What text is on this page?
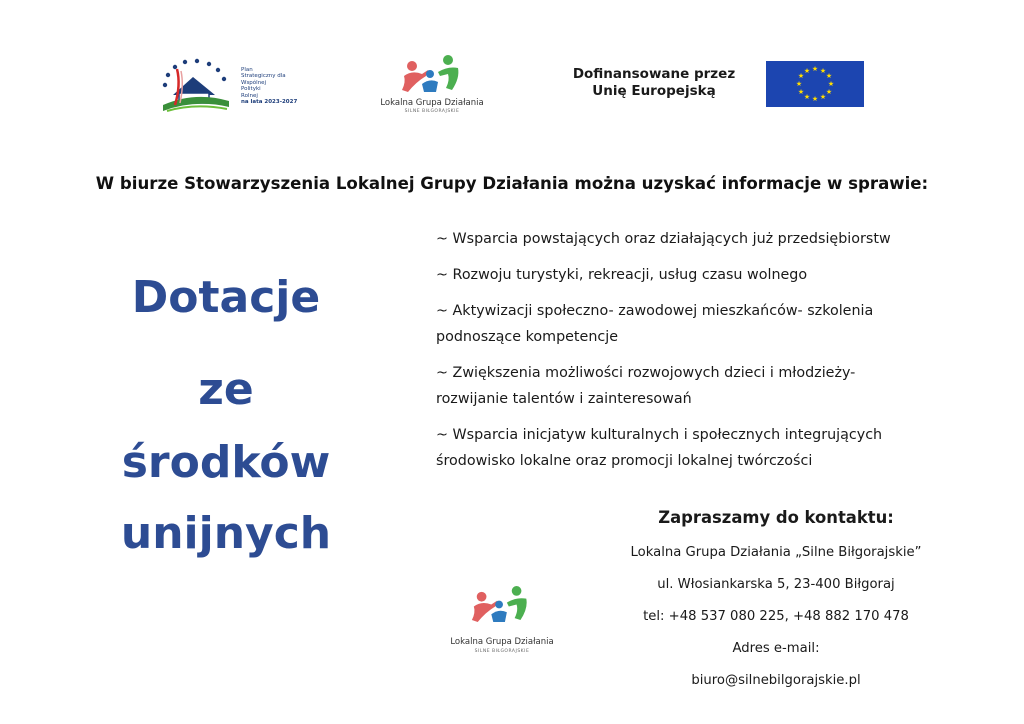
Plan
Strategiczny dla
Wspólnej
Polityki
Rolnej
na lata 2023-2027	Lokalna Grupa Działania
SILNE BIŁGORAJSKIE
Dofinansowane przez
Unię Europejską
★ ★
★
★
★
★
★
★
★
★
★
★
W biurze Stowarzyszenia Lokalnej Grupy Działania można uzyskać informacje w sprawie:
Dotacje
ze
środków
unijnych
~ Wsparcia powstających oraz działających już przedsiębiorstw
~ Rozwoju turystyki, rekreacji, usług czasu wolnego
~ Aktywizacji społeczno- zawodowej mieszkańców- szkolenia
podnoszące kompetencje
~ Zwiększenia możliwości rozwojowych dzieci i młodzieży-
rozwijanie talentów i zainteresowań
~ Wsparcia inicjatyw kulturalnych i społecznych integrujących
środowisko lokalne oraz promocji lokalnej twórczości
Zapraszamy do kontaktu:
Lokalna Grupa Działania „Silne Biłgorajskie”
ul. Włosiankarska 5, 23-400 Biłgoraj
tel: +48 537 080 225, +48 882 170 478
Adres e-mail:
biuro@silnebilgorajskie.pl
Lokalna Grupa Działania
SILNE BIŁGORAJSKIE
